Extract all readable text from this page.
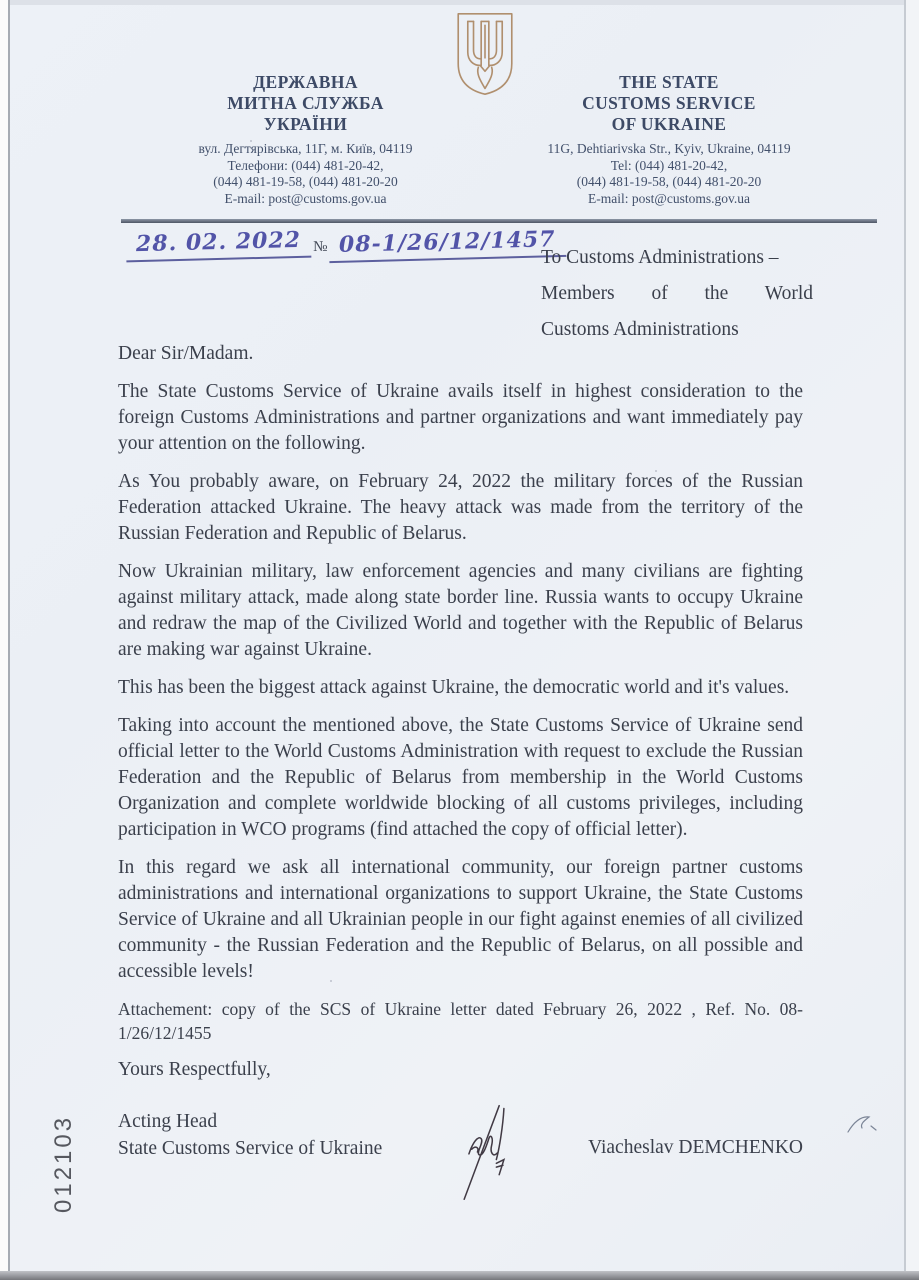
ДЕРЖАВНА
МИТНА СЛУЖБА
УКРАЇНИ
вул. Дегтярівська, 11Г, м. Київ, 04119
Телефони: (044) 481-20-42,
(044) 481-19-58, (044) 481-20-20
E-mail: post@customs.gov.ua
THE STATE
CUSTOMS SERVICE
OF UKRAINE
11G, Dehtiarivska Str., Kyiv, Ukraine, 04119
Tel: (044) 481-20-42,
(044) 481-19-58, (044) 481-20-20
E-mail: post@customs.gov.ua
28. 02. 2022 № 08-1/26/12/1457
To Customs Administrations –
Members of the World
Customs Administrations

Dear Sir/Madam.

The State Customs Service of Ukraine avails itself in highest consideration to the foreign Customs Administrations and partner organizations and want immediately pay your attention on the following.

As You probably aware, on February 24, 2022 the military forces of the Russian Federation attacked Ukraine. The heavy attack was made from the territory of the Russian Federation and Republic of Belarus.

Now Ukrainian military, law enforcement agencies and many civilians are fighting against military attack, made along state border line. Russia wants to occupy Ukraine and redraw the map of the Civilized World and together with the Republic of Belarus are making war against Ukraine.

This has been the biggest attack against Ukraine, the democratic world and it's values.

Taking into account the mentioned above, the State Customs Service of Ukraine send official letter to the World Customs Administration with request to exclude the Russian Federation and the Republic of Belarus from membership in the World Customs Organization and complete worldwide blocking of all customs privileges, including participation in WCO programs (find attached the copy of official letter).

In this regard we ask all international community, our foreign partner customs administrations and international organizations to support Ukraine, the State Customs Service of Ukraine and all Ukrainian people in our fight against enemies of all civilized community - the Russian Federation and the Republic of Belarus, on all possible and accessible levels!

Attachement: copy of the SCS of Ukraine letter dated February 26, 2022 , Ref. No. 08-1/26/12/1455

Yours Respectfully,

Acting Head
State Customs Service of Ukraine	Viacheslav DEMCHENKO
012103
